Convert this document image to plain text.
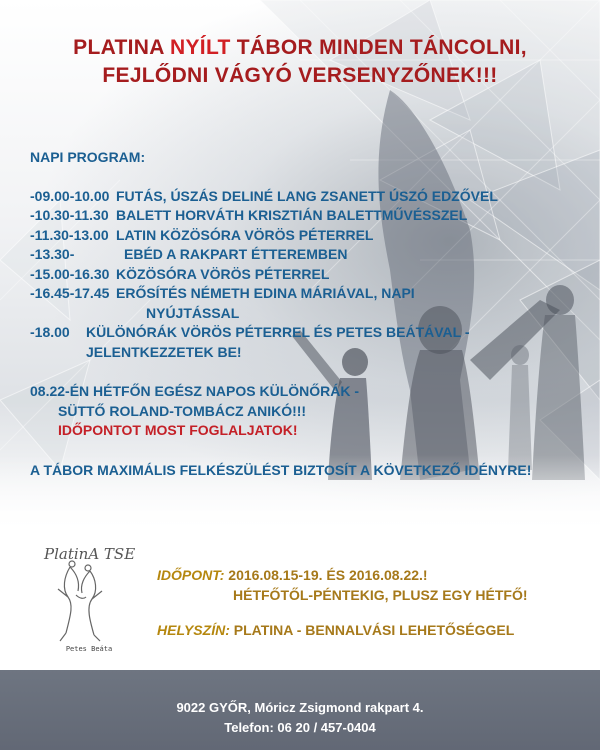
PLATINA NYÍLT TÁBOR MINDEN TÁNCOLNI,
FEJLŐDNI VÁGYÓ VERSENYZŐNEK!!!
NAPI PROGRAM:
-09.00-10.00 FUTÁS, ÚSZÁS DELINÉ LANG ZSANETT ÚSZÓ EDZŐVEL
-10.30-11.30 BALETT HORVÁTH KRISZTIÁN BALETTMŰVÉSSZEL
-11.30-13.00 LATIN KÖZÖSÓRA VÖRÖS PÉTERREL
-13.30-	EBÉD A RAKPART ÉTTEREMBEN
-15.00-16.30 KÖZÖSÓRA VÖRÖS PÉTERREL
-16.45-17.45 ERŐSÍTÉS NÉMETH EDINA MÁRIÁVAL, NAPI
NYÚJTÁSSAL
-18.00	KÜLÖNÓRÁK VÖRÖS PÉTERREL ÉS PETES BEÁTÁVAL -
JELENTKEZZETEK BE!
08.22-ÉN HÉTFŐN EGÉSZ NAPOS KÜLÖNŐRÁK -
SÜTTŐ ROLAND-TOMBÁCZ ANIKÓ!!!
IDŐPONTOT MOST FOGLALJATOK!
A TÁBOR MAXIMÁLIS FELKÉSZÜLÉST BIZTOSÍT A KÖVETKEZŐ IDÉNYRE!
PlatinA TSE
Petes Beáta
IDŐPONT: 2016.08.15-19. ÉS 2016.08.22.!
HÉTFŐTŐL-PÉNTEKIG, PLUSZ EGY HÉTFŐ!
HELYSZÍN: PLATINA - BENNALVÁSI LEHETŐSÉGGEL
9022 GYŐR, Móricz Zsigmond rakpart 4.
Telefon: 06 20 / 457-0404
